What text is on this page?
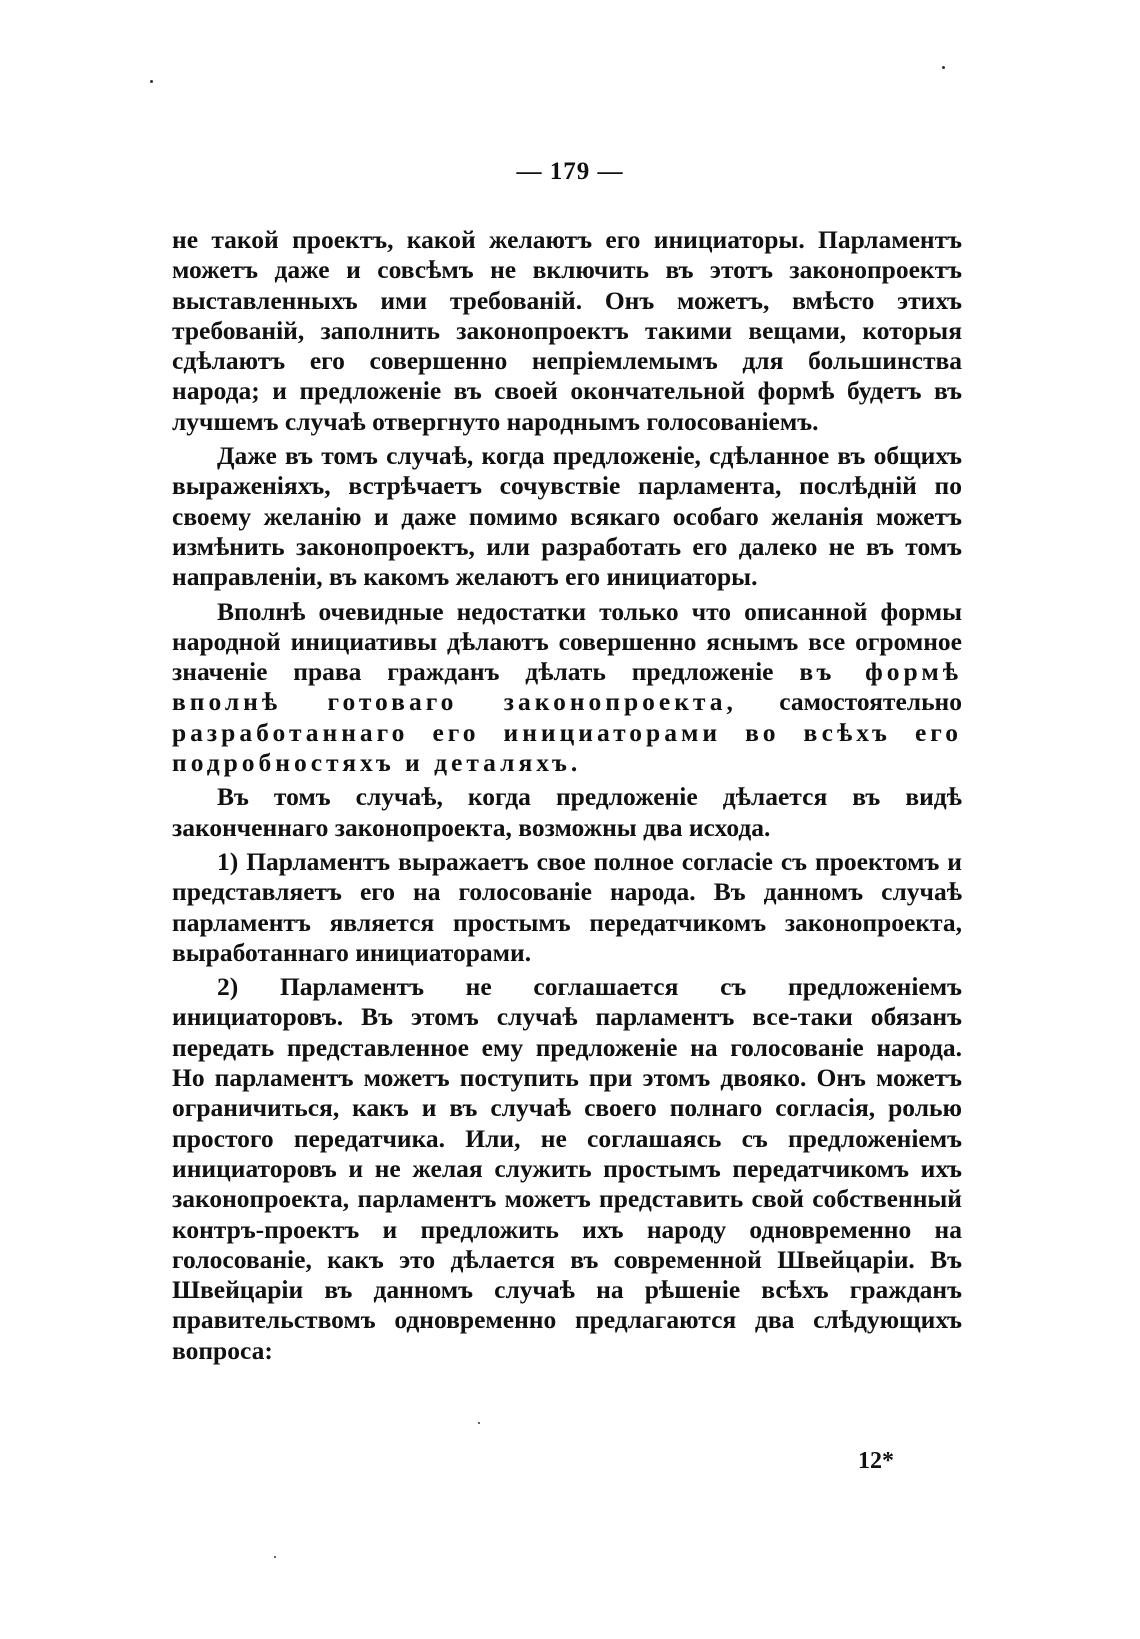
— 179 —

не такой проектъ, какой желаютъ его инициаторы. Парламентъ можетъ даже и совсѣмъ не включить въ этотъ законопроектъ выставленныхъ ими требованій. Онъ можетъ, вмѣсто этихъ требованій, заполнить законопроектъ такими вещами, которыя сдѣлаютъ его совершенно непріемлемымъ для большинства народа; и предложеніе въ своей окончательной формѣ будетъ въ лучшемъ случаѣ отвергнуто народнымъ голосованіемъ.

Даже въ томъ случаѣ, когда предложеніе, сдѣланное въ общихъ выраженіяхъ, встрѣчаетъ сочувствіе парламента, послѣдній по своему желанію и даже помимо всякаго особаго желанія можетъ измѣнить законопроектъ, или разработать его далеко не въ томъ направленіи, въ какомъ желаютъ его инициаторы.

Вполнѣ очевидные недостатки только что описанной формы народной инициативы дѣлаютъ совершенно яснымъ все огромное значеніе права гражданъ дѣлать предложеніе въ формѣ вполнѣ готоваго законопроекта, самостоятельно разработаннаго его инициаторами во всѣхъ его подробностяхъ и деталяхъ.

Въ томъ случаѣ, когда предложеніе дѣлается въ видѣ законченнаго законопроекта, возможны два исхода.

1) Парламентъ выражаетъ свое полное согласіе съ проектомъ и представляетъ его на голосованіе народа. Въ данномъ случаѣ парламентъ является простымъ передатчикомъ законопроекта, выработаннаго инициаторами.

2) Парламентъ не соглашается съ предложеніемъ инициаторовъ. Въ этомъ случаѣ парламентъ все-таки обязанъ передать представленное ему предложеніе на голосованіе народа. Но парламентъ можетъ поступить при этомъ двояко. Онъ можетъ ограничиться, какъ и въ случаѣ своего полнаго согласія, ролью простого передатчика. Или, не соглашаясь съ предложеніемъ инициаторовъ и не желая служить простымъ передатчикомъ ихъ законопроекта, парламентъ можетъ представить свой собственный контръ-проектъ и предложить ихъ народу одновременно на голосованіе, какъ это дѣлается въ современной Швейцаріи. Въ Швейцаріи въ данномъ случаѣ на рѣшеніе всѣхъ гражданъ правительствомъ одновременно предлагаются два слѣдующихъ вопроса:

12*
